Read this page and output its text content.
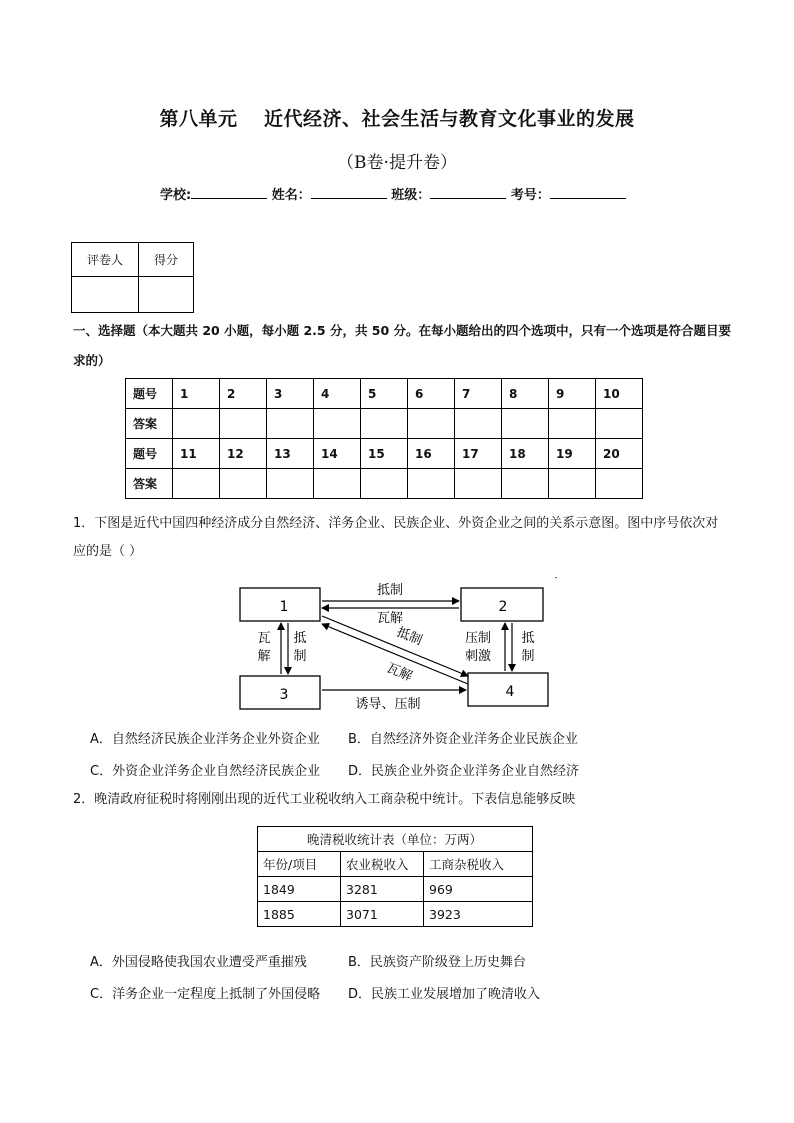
第八单元　 近代经济、社会生活与教育文化事业的发展
（B卷·提升卷）
学校:	姓名：	班级：	考号：
评卷人	得分

一、选择题（本大题共 20 小题，每小题 2.5 分，共 50 分。在每小题给出的四个选项中，只有一个选项是符合题目要求的）
题号	1	2	3	4	5	6	7	8	9	10
答案										
题号	11	12	13	14	15	16	17	18	19	20
答案										
1．下图是近代中国四种经济成分自然经济、洋务企业、民族企业、外资企业之间的关系示意图。图中序号依次对应的是（ ）
1	2
3	4
抵制
瓦解
瓦
解
抵
制
抵制
瓦解
压制
刺激
抵
制
诱导、压制
-
A．自然经济民族企业洋务企业外资企业 B．自然经济外资企业洋务企业民族企业
C．外资企业洋务企业自然经济民族企业 D．民族企业外资企业洋务企业自然经济
2．晚清政府征税时将刚刚出现的近代工业税收纳入工商杂税中统计。下表信息能够反映
晚清税收统计表（单位：万两）		
年份/项目	农业税收入	工商杂税收入
1849	3281	969
1885	3071	3923
A．外国侵略使我国农业遭受严重摧残	B．民族资产阶级登上历史舞台
C．洋务企业一定程度上抵制了外国侵略 D．民族工业发展增加了晚清收入
